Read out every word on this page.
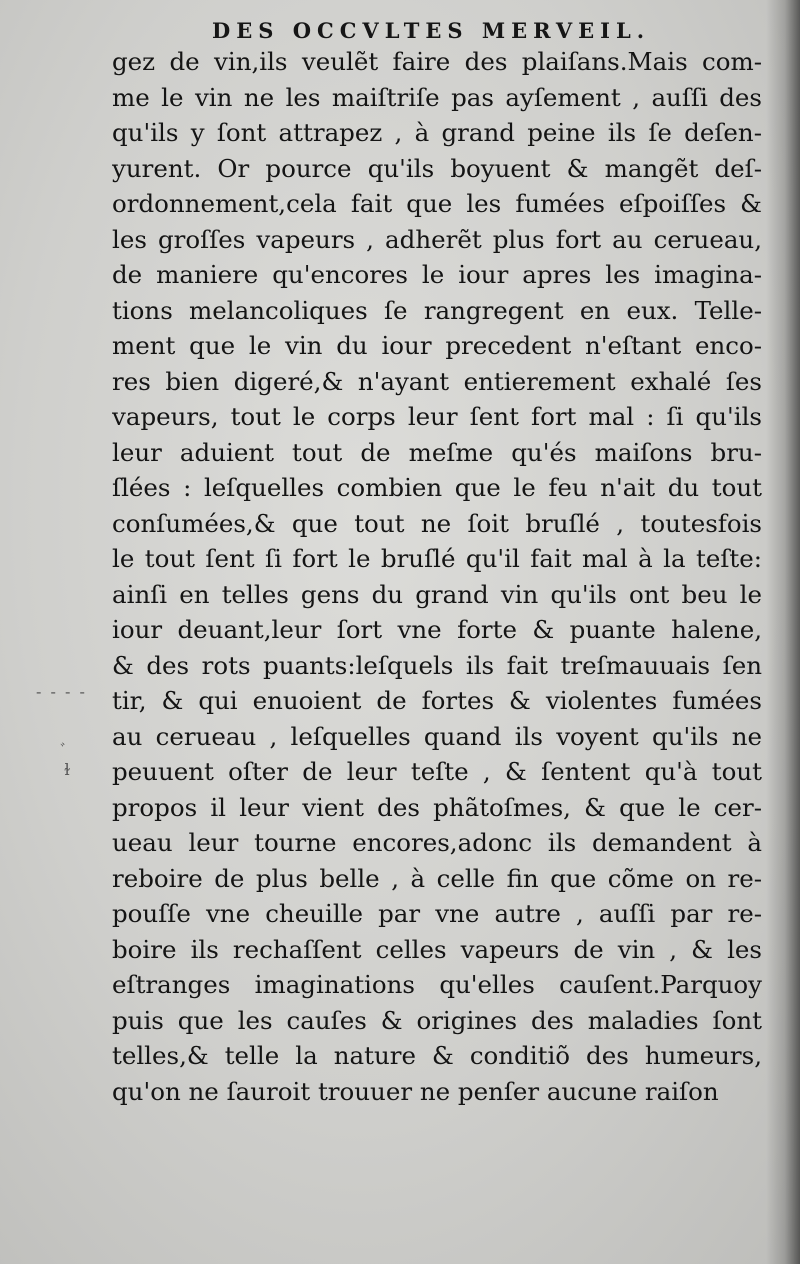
DES OCCVLTES MERVEIL.
gez de vin,ils veulẽt faire des plaiſans.Mais com-
me le vin ne les maiſtriſe pas ayſement , auſſi des
qu'ils y ſont attrapez , à grand peine ils ſe deſen-
yurent. Or pource qu'ils boyuent & mangẽt deſ-
ordonnement,cela fait que les fumées eſpoiſſes &
les groſſes vapeurs , adherẽt plus fort au cerueau,
de maniere qu'encores le iour apres les imagina-
tions melancoliques ſe rangregent en eux. Telle-
ment que le vin du iour precedent n'eſtant enco-
res bien digeré,& n'ayant entierement exhalé ſes
vapeurs, tout le corps leur ſent fort mal : ſi qu'ils
leur aduient tout de meſme qu'és maiſons bru-
ſlées : leſquelles combien que le feu n'ait du tout
conſumées,& que tout ne ſoit bruſlé , toutesfois
le tout ſent ſi fort le bruſlé qu'il fait mal à la teſte:
ainſi en telles gens du grand vin qu'ils ont beu le
iour deuant,leur ſort vne forte & puante halene,
& des rots puants:leſquels ils fait treſmauuais ſen
tir, & qui enuoient de fortes & violentes fumées
au cerueau , leſquelles quand ils voyent qu'ils ne
peuuent oſter de leur teſte , & ſentent qu'à tout
propos il leur vient des phãtoſmes, & que le cer-
ueau leur tourne encores,adonc ils demandent à
reboire de plus belle , à celle fin que cõme on re-
pouſſe vne cheuille par vne autre , auſſi par re-
boire ils rechaſſent celles vapeurs de vin , & les
eſtranges imaginations qu'elles cauſent.Parquoy
puis que les cauſes & origines des maladies ſont
telles,& telle la nature & conditiõ des humeurs,
qu'on ne ſauroit trouuer ne penſer aucune raiſon
- - - -
ﾞ
ɫ
